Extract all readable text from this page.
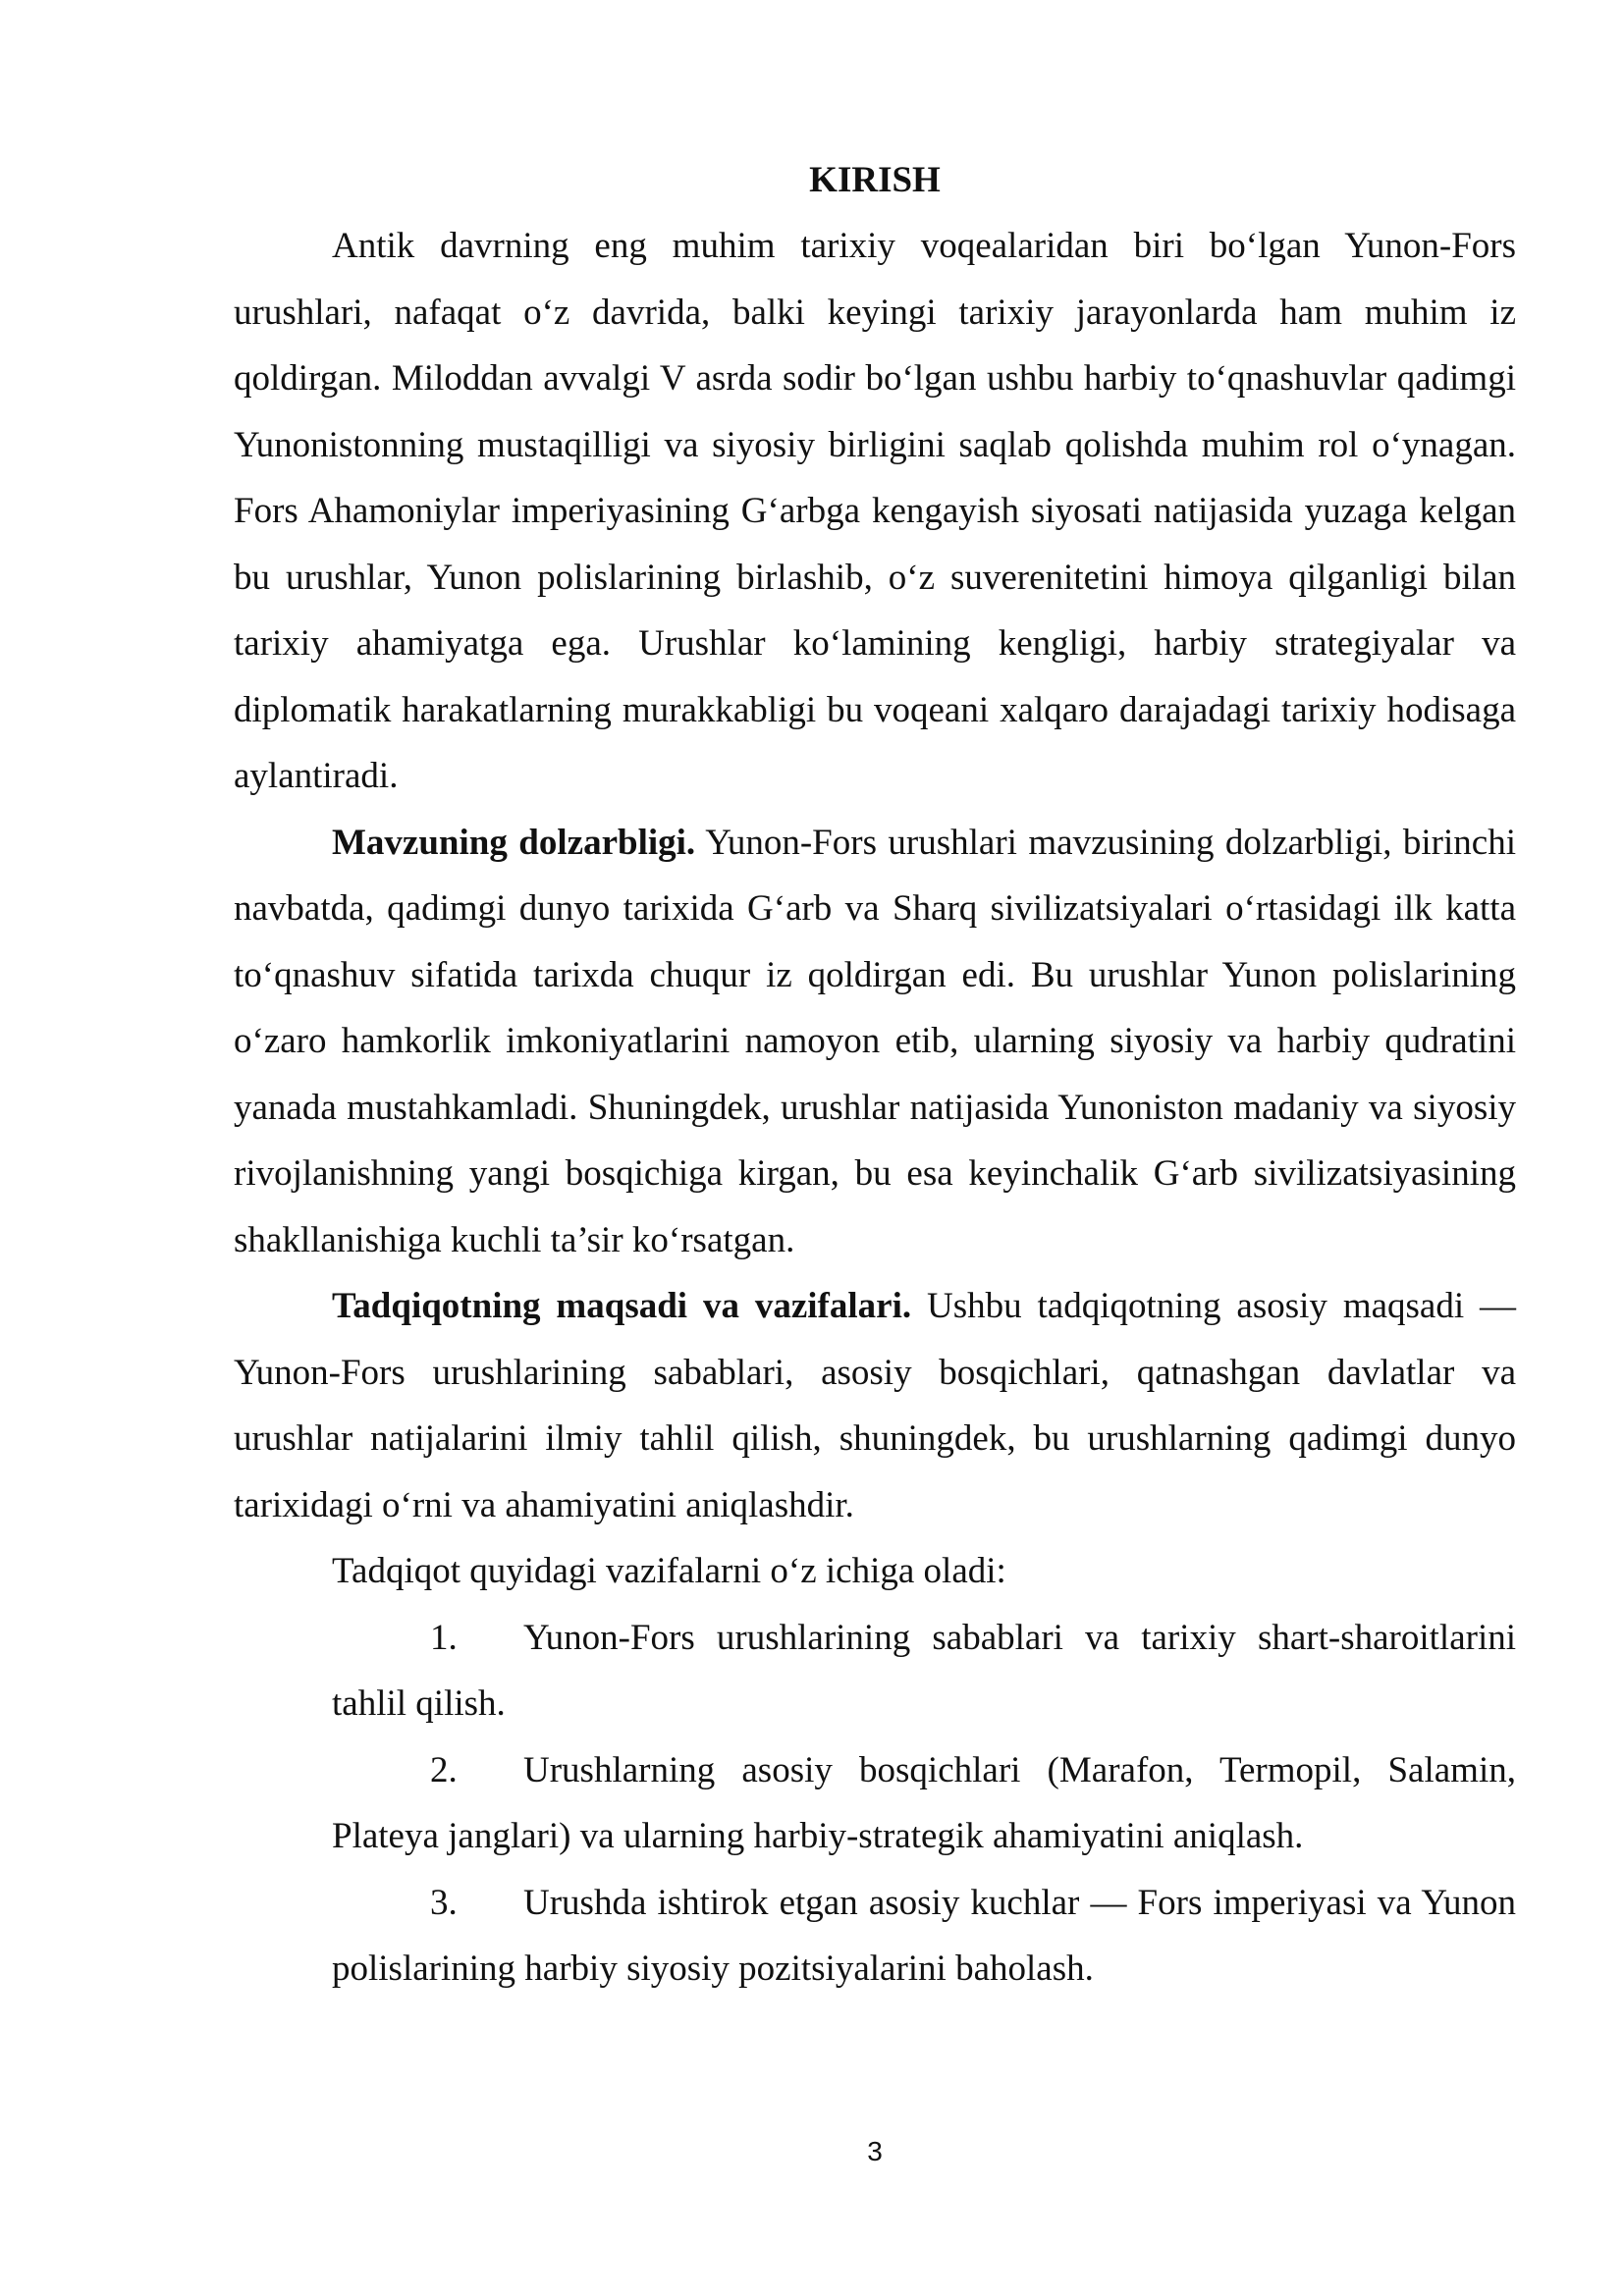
KIRISH

Antik davrning eng muhim tarixiy voqealaridan biri bo‘lgan Yunon-Fors urushlari, nafaqat o‘z davrida, balki keyingi tarixiy jarayonlarda ham muhim iz qoldirgan. Miloddan avvalgi V asrda sodir bo‘lgan ushbu harbiy to‘qnashuvlar qadimgi Yunonistonning mustaqilligi va siyosiy birligini saqlab qolishda muhim rol o‘ynagan. Fors Ahamoniylar imperiyasining G‘arbga kengayish siyosati natijasida yuzaga kelgan bu urushlar, Yunon polislarining birlashib, o‘z suverenitetini himoya qilganligi bilan tarixiy ahamiyatga ega. Urushlar ko‘lamining kengligi, harbiy strategiyalar va diplomatik harakatlarning murakkabligi bu voqeani xalqaro darajadagi tarixiy hodisaga aylantiradi.

Mavzuning dolzarbligi. Yunon-Fors urushlari mavzusining dolzarbligi, birinchi navbatda, qadimgi dunyo tarixida G‘arb va Sharq sivilizatsiyalari o‘rtasidagi ilk katta to‘qnashuv sifatida tarixda chuqur iz qoldirgan edi. Bu urushlar Yunon polislarining o‘zaro hamkorlik imkoniyatlarini namoyon etib, ularning siyosiy va harbiy qudratini yanada mustahkamladi. Shuningdek, urushlar natijasida Yunoniston madaniy va siyosiy rivojlanishning yangi bosqichiga kirgan, bu esa keyinchalik G‘arb sivilizatsiyasining shakllanishiga kuchli ta’sir ko‘rsatgan.

Tadqiqotning maqsadi va vazifalari. Ushbu tadqiqotning asosiy maqsadi — Yunon-Fors urushlarining sabablari, asosiy bosqichlari, qatnashgan davlatlar va urushlar natijalarini ilmiy tahlil qilish, shuningdek, bu urushlarning qadimgi dunyo tarixidagi o‘rni va ahamiyatini aniqlashdir.

Tadqiqot quyidagi vazifalarni o‘z ichiga oladi:

1. Yunon-Fors urushlarining sabablari va tarixiy shart-sharoitlarini tahlil qilish.

2. Urushlarning asosiy bosqichlari (Marafon, Termopil, Salamin, Plateya janglari) va ularning harbiy-strategik ahamiyatini aniqlash.

3. Urushda ishtirok etgan asosiy kuchlar — Fors imperiyasi va Yunon polislarining harbiy siyosiy pozitsiyalarini baholash.

3
